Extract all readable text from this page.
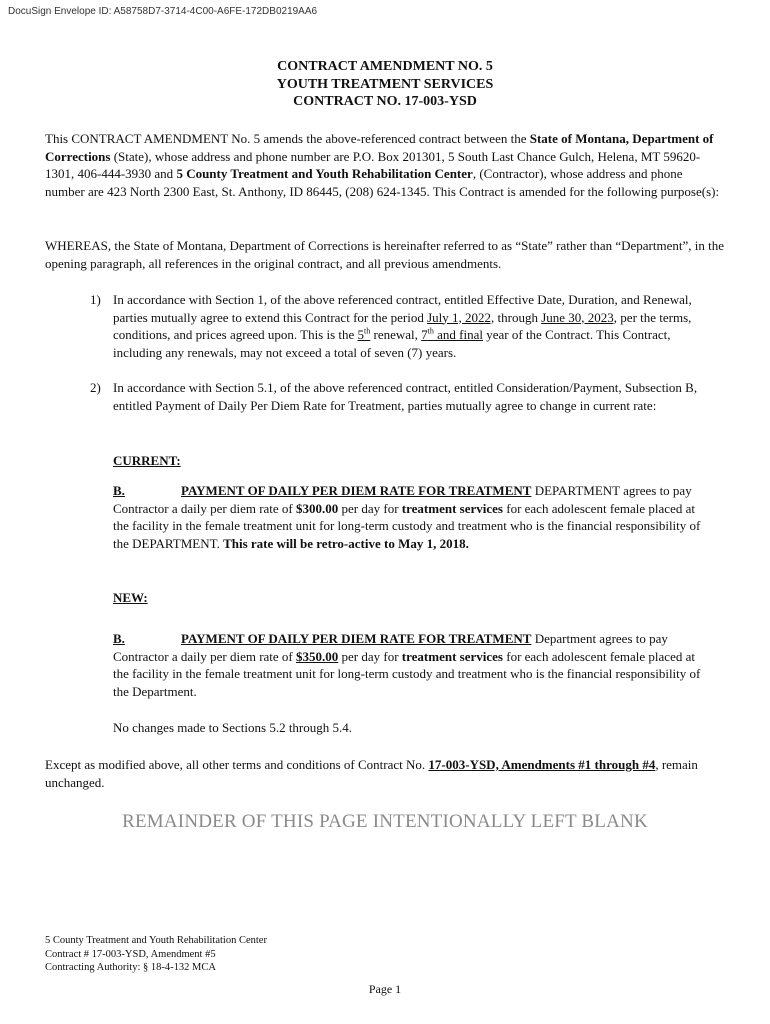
DocuSign Envelope ID: A58758D7-3714-4C00-A6FE-172DB0219AA6
CONTRACT AMENDMENT NO. 5
YOUTH TREATMENT SERVICES
CONTRACT NO. 17-003-YSD
This CONTRACT AMENDMENT No. 5 amends the above-referenced contract between the State of Montana, Department of Corrections (State), whose address and phone number are P.O. Box 201301, 5 South Last Chance Gulch, Helena, MT 59620-1301, 406-444-3930 and 5 County Treatment and Youth Rehabilitation Center, (Contractor), whose address and phone number are 423 North 2300 East, St. Anthony, ID 86445, (208) 624-1345. This Contract is amended for the following purpose(s):
WHEREAS, the State of Montana, Department of Corrections is hereinafter referred to as “State” rather than “Department”, in the opening paragraph, all references in the original contract, and all previous amendments.
1) In accordance with Section 1, of the above referenced contract, entitled Effective Date, Duration, and Renewal, parties mutually agree to extend this Contract for the period July 1, 2022, through June 30, 2023, per the terms, conditions, and prices agreed upon. This is the 5th renewal, 7th and final year of the Contract. This Contract, including any renewals, may not exceed a total of seven (7) years.
2) In accordance with Section 5.1, of the above referenced contract, entitled Consideration/Payment, Subsection B, entitled Payment of Daily Per Diem Rate for Treatment, parties mutually agree to change in current rate:
CURRENT:
B.	PAYMENT OF DAILY PER DIEM RATE FOR TREATMENT DEPARTMENT agrees to pay Contractor a daily per diem rate of $300.00 per day for treatment services for each adolescent female placed at the facility in the female treatment unit for long-term custody and treatment who is the financial responsibility of the DEPARTMENT. This rate will be retro-active to May 1, 2018.
NEW:
B.	PAYMENT OF DAILY PER DIEM RATE FOR TREATMENT Department agrees to pay Contractor a daily per diem rate of $350.00 per day for treatment services for each adolescent female placed at the facility in the female treatment unit for long-term custody and treatment who is the financial responsibility of the Department.
No changes made to Sections 5.2 through 5.4.
Except as modified above, all other terms and conditions of Contract No. 17-003-YSD, Amendments #1 through #4, remain unchanged.
REMAINDER OF THIS PAGE INTENTIONALLY LEFT BLANK
5 County Treatment and Youth Rehabilitation Center
Contract # 17-003-YSD, Amendment #5
Contracting Authority: § 18-4-132 MCA
Page 1
